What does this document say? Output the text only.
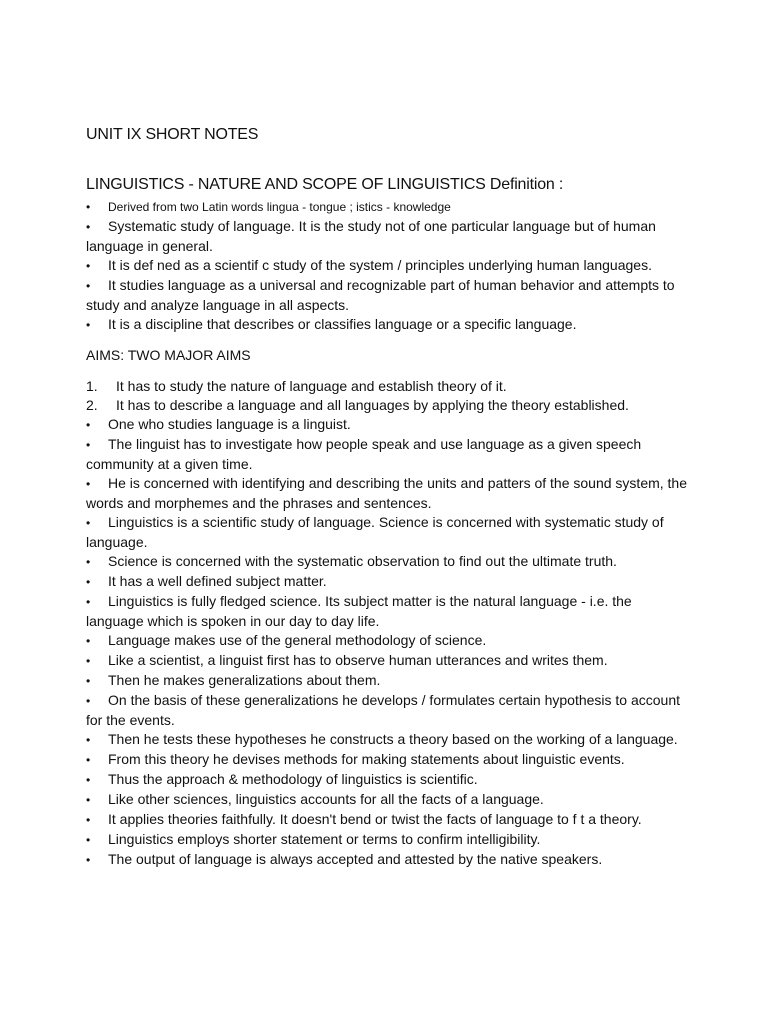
UNIT IX SHORT NOTES
LINGUISTICS - NATURE AND SCOPE OF LINGUISTICS Definition :
• Derived from two Latin words lingua - tongue ; istics - knowledge
• Systematic study of language. It is the study not of one particular language but of human language in general.
• It is def ned as a scientif c study of the system / principles underlying human languages.
• It studies language as a universal and recognizable part of human behavior and attempts to study and analyze language in all aspects.
• It is a discipline that describes or classifies language or a specific language.
AIMS: TWO MAJOR AIMS
1. It has to study the nature of language and establish theory of it.
2. It has to describe a language and all languages by applying the theory established.
• One who studies language is a linguist.
• The linguist has to investigate how people speak and use language as a given speech community at a given time.
• He is concerned with identifying and describing the units and patters of the sound system, the words and morphemes and the phrases and sentences.
• Linguistics is a scientific study of language. Science is concerned with systematic study of language.
• Science is concerned with the systematic observation to find out the ultimate truth.
• It has a well defined subject matter.
• Linguistics is fully fledged science. Its subject matter is the natural language - i.e. the language which is spoken in our day to day life.
• Language makes use of the general methodology of science.
• Like a scientist, a linguist first has to observe human utterances and writes them.
• Then he makes generalizations about them.
• On the basis of these generalizations he develops / formulates certain hypothesis to account for the events.
• Then he tests these hypotheses he constructs a theory based on the working of a language.
• From this theory he devises methods for making statements about linguistic events.
• Thus the approach & methodology of linguistics is scientific.
• Like other sciences, linguistics accounts for all the facts of a language.
• It applies theories faithfully. It doesn't bend or twist the facts of language to f t a theory.
• Linguistics employs shorter statement or terms to confirm intelligibility.
• The output of language is always accepted and attested by the native speakers.
